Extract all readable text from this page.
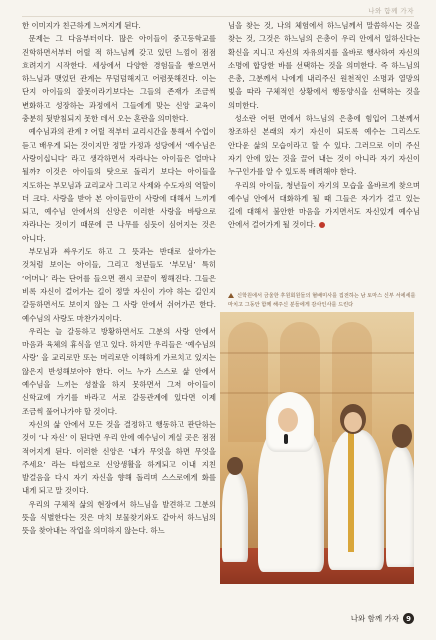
나와 함께 가자

한 이미지가 친근하게 느껴지게 된다.

문제는 그 다음부터이다. 많은 아이들이 중고등학교를 진학하면서부터 어릴 적 하느님께 갖고 있던 느낌이 점점 흐려지기 시작한다. 세상에서 다양한 경험들을 쌓으면서 하느님과 맺었던 관계는 무덤덤해지고 어렴풋해진다. 이는 단지 아이들의 잘못이라기보다는 그들의 존재가 조금씩 변화하고 성장하는 과정에서 그들에게 맞는 신앙 교육이 충분히 뒷받침되지 못한 데서 오는 혼란을 의미한다.

예수님과의 관계 ? 어릴 적부터 교리시간을 통해서 수업이 듣고 배우게 되는 것이지만 정말 가정과 성당에서 ‘예수님은 사랑이십니다’ 라고 생각하면서 자라나는 아이들은 얼마나 될까? 이것은 아이들의 탓으로 돌리기 보다는 아이들을 지도하는 부모님과 교리교사 그리고 사제와 수도자의 역할이 더 크다. 사랑을 받아 본 아이들만이 사랑에 대해서 느끼게 되고, 예수님 안에서의 신앙은 이러한 사랑을 바탕으로 자라나는 것이기 때문에 큰 나무를 심듯이 심어지는 것은 아니다.

부모님과 싸우기도 하고 그 뜻과는 반대로 살아가는 것처럼 보이는 아이들, 그리고 청년들도 ‘부모님’ 특히 ‘어머니’ 라는 단어를 들으면 괜시 코끝이 찡해진다. 그들은 비록 자신이 걸어가는 길이 정말 자신이 가야 하는 길인지 갈등하면서도 보이지 않는 그 사랑 안에서 쉬어가곤 한다. 예수님의 사랑도 마찬가지이다.

우리는 늘 갈등하고 방황하면서도 그분의 사랑 안에서 마음과 육체의 휴식을 얻고 있다. 하지만 우리들은 ‘예수님의 사랑’ 을 교리로만 또는 머리로만 이해하게 가르치고 있지는 않은지 반성해보아야 한다. 어느 누가 스스로 삶 안에서 예수님을 느끼는 성찰을 하지 못하면서 그저 아이들이 신학교에 가기를 바라고 서로 갈등관계에 있다면 이제 조금씩 풀어나가야 할 것이다.

자신의 삶 안에서 모든 것을 결정하고 행동하고 판단하는 것이 ‘나 자신’ 이 된다면 우리 안에 예수님이 계실 곳은 점점 적어지게 된다. 이러한 신앙은 ‘내가 무엇을 하면 무엇을 주세요’ 라는 타협으로 신앙생활을 하게되고 이내 지친 발걸음을 다시 자기 자신을 향해 돌리며 스스로에게 화를 내게 되고 말 것이다.

우리의 구체적 삶의 현장에서 하느님을 발견하고 그분의 뜻을 식별한다는 것은 마치 보물찾기와도 같아서 하느님의 뜻을 찾아내는 작업을 의미하지 않는다. 하느

님을 찾는 것, 나의 체험에서 하느님께서 말씀하시는 것을 찾는 것, 그것은 하느님의 은총이 우리 안에서 일하신다는 확신을 지니고 자신의 자유의지를 올바로 행사하여 자신의 소명에 합당한 바를 선택하는 것을 의미한다. 즉 하느님의 은총, 그분께서 나에게 내리주신 원천적인 소명과 열망의 빛을 따라 구체적인 상황에서 행동양식을 선택하는 것을 의미한다.

성소란 어떤 면에서 하느님의 은총에 힘입어 그분께서 창조하신 본래의 자기 자신이 되도록 예수는 그리스도 안다운 삶의 모습이라고 할 수 있다. 그러므로 이미 주신 자기 안에 있는 것을 끌어 내는 것이 아니라 자기 자신이 누구인가를 알 수 있도록 배려해야 한다.

우리의 아이들, 청년들이 자기의 모습을 올바르게 찾으며 예수님 안에서 대화하게 될 때 그들은 자기가 걸고 있는 길에 대해서 불안한 마음을 가지면서도 자신있게 예수님 안에서 걸어가게 될 것이다.

신학원에서 금울한 후원회원들의 혈배미사를 집전하는 남 토마스 신부 서에세를 마치고 그동안 함께 해주신 분들에게 감사인사를 드린다
나와 함께 가자	9
